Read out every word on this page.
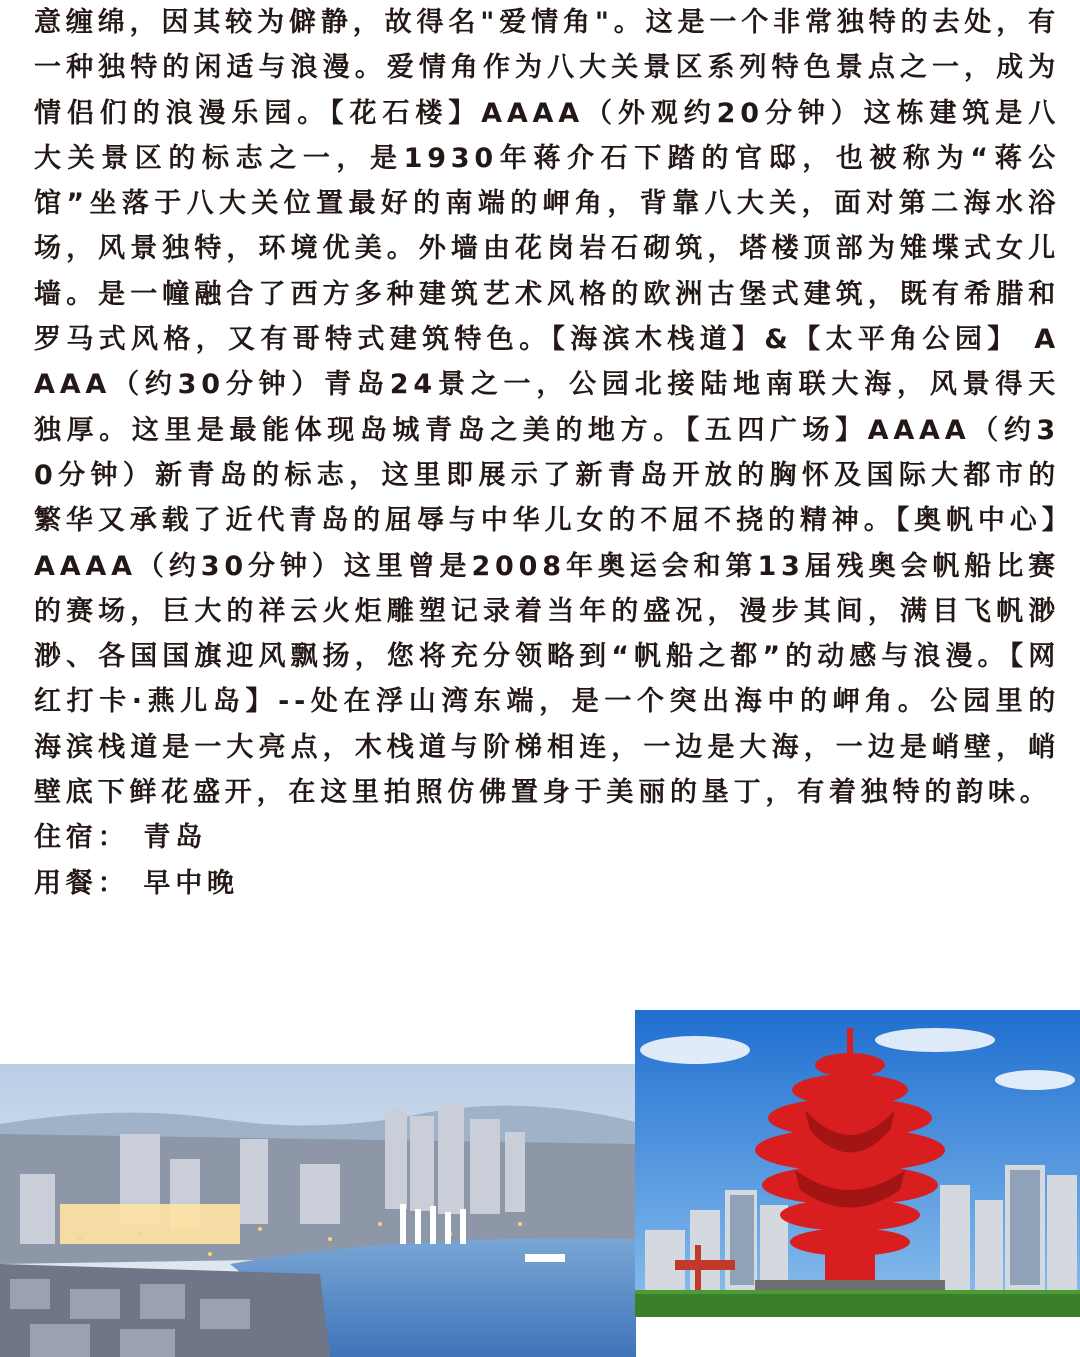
意缠绵，因其较为僻静，故得名"爱情角"。这是一个非常独特的去处，有一种独特的闲适与浪漫。爱情角作为八大关景区系列特色景点之一，成为情侣们的浪漫乐园。【花石楼】AAAA（外观约20分钟）这栋建筑是八大关景区的标志之一，是1930年蒋介石下踏的官邸，也被称为“蒋公馆”坐落于八大关位置最好的南端的岬角，背靠八大关，面对第二海水浴场，风景独特，环境优美。外墙由花岗岩石砌筑，塔楼顶部为雉堞式女儿墙。是一幢融合了西方多种建筑艺术风格的欧洲古堡式建筑，既有希腊和罗马式风格，又有哥特式建筑特色。【海滨木栈道】&【太平角公园】 AAAA（约30分钟）青岛24景之一，公园北接陆地南联大海，风景得天独厚。这里是最能体现岛城青岛之美的地方。【五四广场】AAAA（约30分钟）新青岛的标志，这里即展示了新青岛开放的胸怀及国际大都市的繁华又承载了近代青岛的屈辱与中华儿女的不屈不挠的精神。【奥帆中心】AAAA（约30分钟）这里曾是2008年奥运会和第13届残奥会帆船比赛的赛场，巨大的祥云火炬雕塑记录着当年的盛况，漫步其间，满目飞帆渺渺、各国国旗迎风飘扬，您将充分领略到“帆船之都”的动感与浪漫。【网红打卡·燕儿岛】--处在浮山湾东端，是一个突出海中的岬角。公园里的海滨栈道是一大亮点，木栈道与阶梯相连，一边是大海，一边是峭壁，峭壁底下鲜花盛开，在这里拍照仿佛置身于美丽的垦丁，有着独特的韵味。

住宿： 青岛

用餐： 早中晚
